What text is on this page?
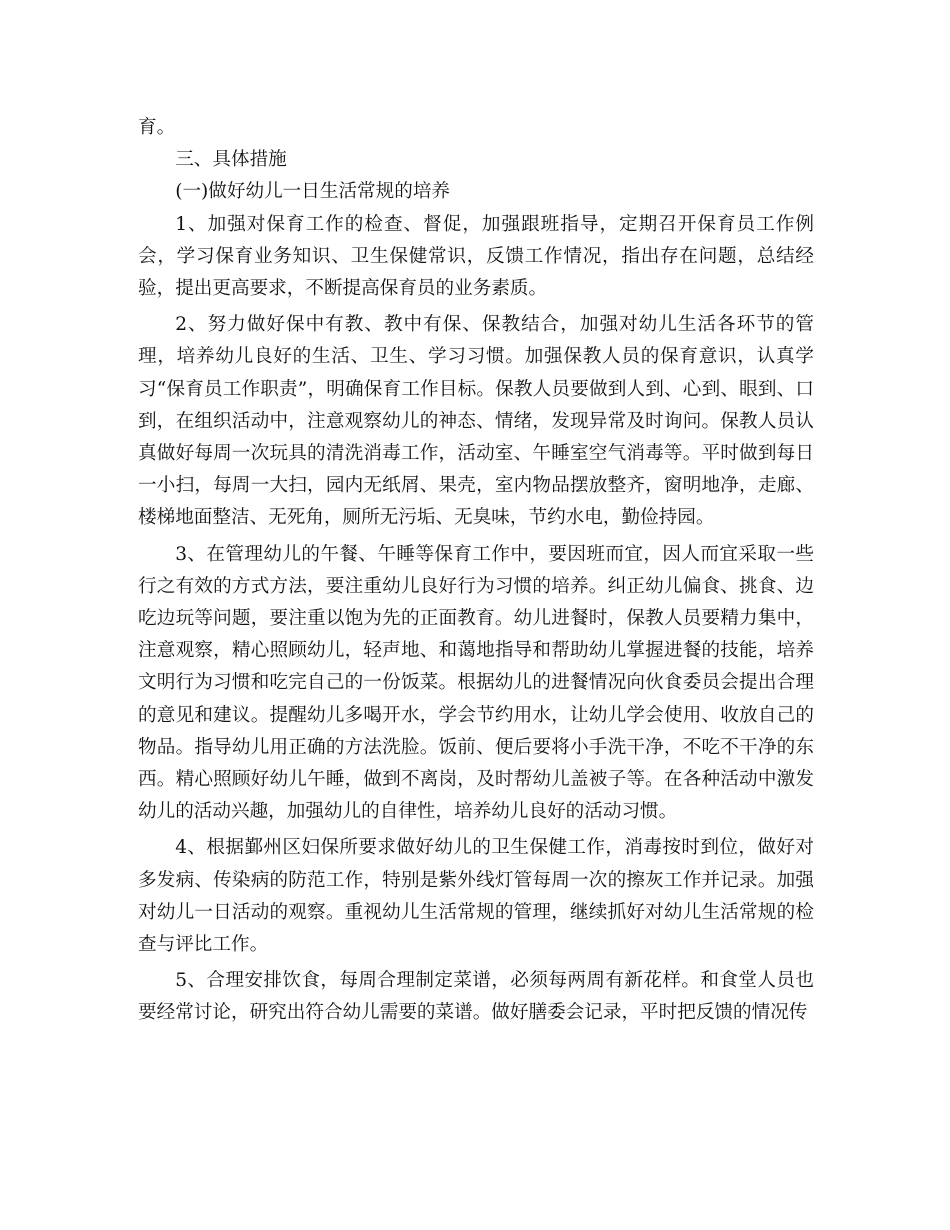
育。

三、具体措施

(一)做好幼儿一日生活常规的培养

1、加强对保育工作的检查、督促，加强跟班指导，定期召开保育员工作例会，学习保育业务知识、卫生保健常识，反馈工作情况，指出存在问题，总结经验，提出更高要求，不断提高保育员的业务素质。

2、努力做好保中有教、教中有保、保教结合，加强对幼儿生活各环节的管理，培养幼儿良好的生活、卫生、学习习惯。加强保教人员的保育意识，认真学习“保育员工作职责”，明确保育工作目标。保教人员要做到人到、心到、眼到、口到，在组织活动中，注意观察幼儿的神态、情绪，发现异常及时询问。保教人员认真做好每周一次玩具的清洗消毒工作，活动室、午睡室空气消毒等。平时做到每日一小扫，每周一大扫，园内无纸屑、果壳，室内物品摆放整齐，窗明地净，走廊、楼梯地面整洁、无死角，厕所无污垢、无臭味，节约水电，勤俭持园。

3、在管理幼儿的午餐、午睡等保育工作中，要因班而宜，因人而宜采取一些行之有效的方式方法，要注重幼儿良好行为习惯的培养。纠正幼儿偏食、挑食、边吃边玩等问题，要注重以饱为先的正面教育。幼儿进餐时，保教人员要精力集中，注意观察，精心照顾幼儿，轻声地、和蔼地指导和帮助幼儿掌握进餐的技能，培养文明行为习惯和吃完自己的一份饭菜。根据幼儿的进餐情况向伙食委员会提出合理的意见和建议。提醒幼儿多喝开水，学会节约用水，让幼儿学会使用、收放自己的物品。指导幼儿用正确的方法洗脸。饭前、便后要将小手洗干净，不吃不干净的东西。精心照顾好幼儿午睡，做到不离岗，及时帮幼儿盖被子等。在各种活动中激发幼儿的活动兴趣，加强幼儿的自律性，培养幼儿良好的活动习惯。

4、根据鄞州区妇保所要求做好幼儿的卫生保健工作，消毒按时到位，做好对多发病、传染病的防范工作，特别是紫外线灯管每周一次的擦灰工作并记录。加强对幼儿一日活动的观察。重视幼儿生活常规的管理，继续抓好对幼儿生活常规的检查与评比工作。

5、合理安排饮食，每周合理制定菜谱，必须每两周有新花样。和食堂人员也要经常讨论，研究出符合幼儿需要的菜谱。做好膳委会记录，平时把反馈的情况传
